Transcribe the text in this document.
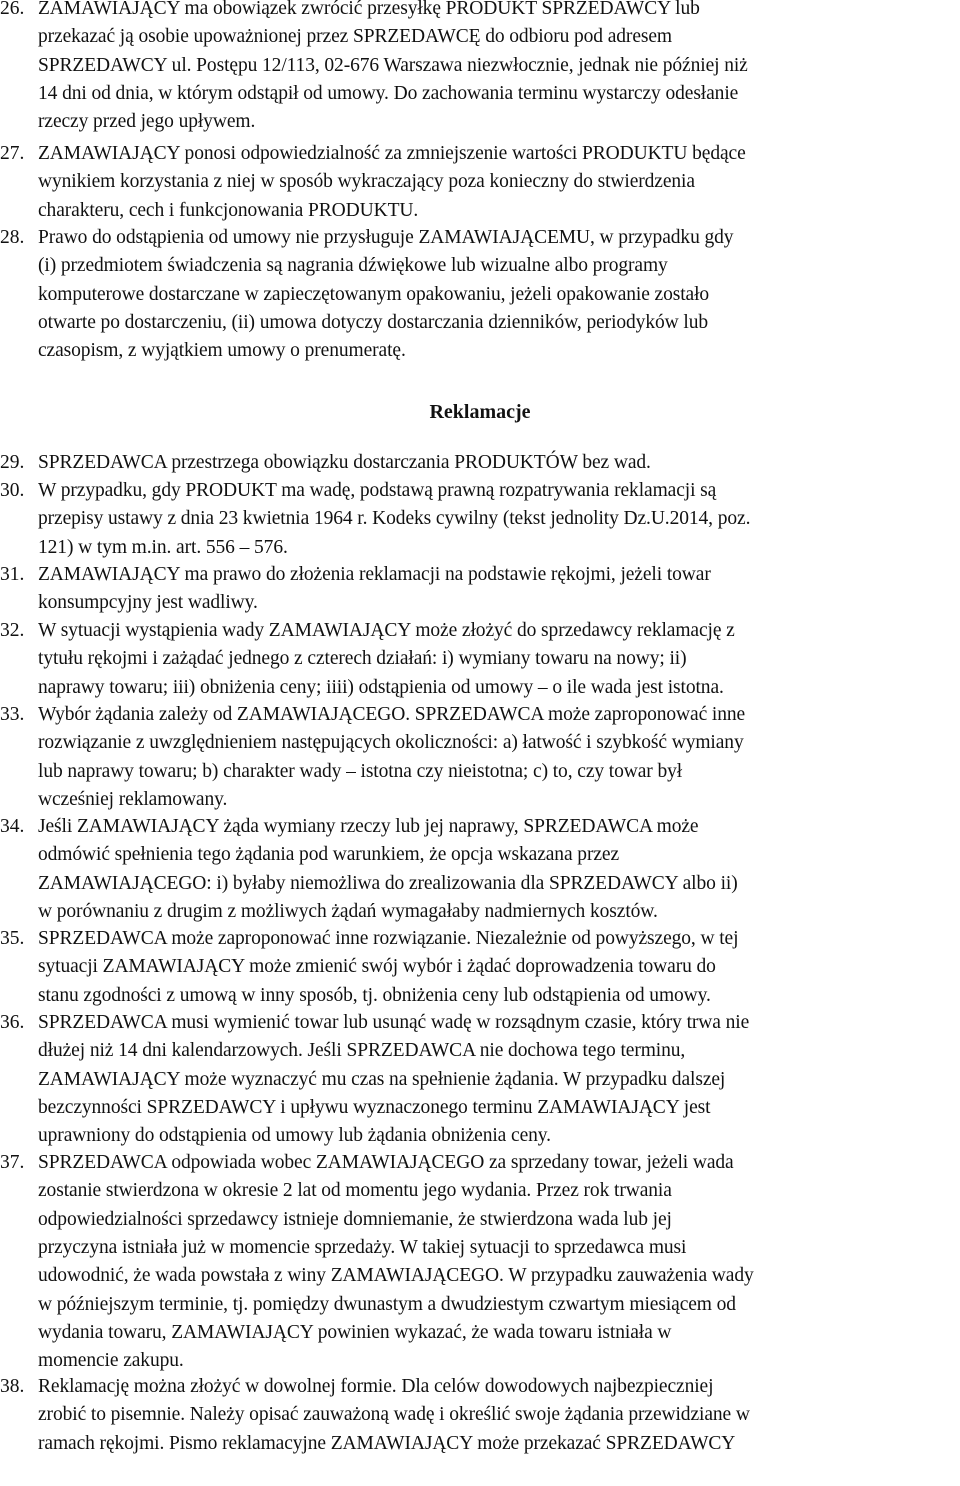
26. ZAMAWIAJĄCY ma obowiązek zwrócić przesyłkę PRODUKT SPRZEDAWCY lub
przekazać ją osobie upoważnionej przez SPRZEDAWCĘ do odbioru pod adresem
SPRZEDAWCY ul. Postępu 12/113, 02-676 Warszawa niezwłocznie, jednak nie później niż
14 dni od dnia, w którym odstąpił od umowy. Do zachowania terminu wystarczy odesłanie
rzeczy przed jego upływem.
27. ZAMAWIAJĄCY ponosi odpowiedzialność za zmniejszenie wartości PRODUKTU będące
wynikiem korzystania z niej w sposób wykraczający poza konieczny do stwierdzenia
charakteru, cech i funkcjonowania PRODUKTU.
28. Prawo do odstąpienia od umowy nie przysługuje ZAMAWIAJĄCEMU, w przypadku gdy
(i) przedmiotem świadczenia są nagrania dźwiękowe lub wizualne albo programy
komputerowe dostarczane w zapieczętowanym opakowaniu, jeżeli opakowanie zostało
otwarte po dostarczeniu, (ii) umowa dotyczy dostarczania dzienników, periodyków lub
czasopism, z wyjątkiem umowy o prenumeratę.
29. SPRZEDAWCA przestrzega obowiązku dostarczania PRODUKTÓW bez wad.
30. W przypadku, gdy PRODUKT ma wadę, podstawą prawną rozpatrywania reklamacji są
przepisy ustawy z dnia 23 kwietnia 1964 r. Kodeks cywilny (tekst jednolity Dz.U.2014, poz.
121) w tym m.in. art. 556 – 576.
31. ZAMAWIAJĄCY ma prawo do złożenia reklamacji na podstawie rękojmi, jeżeli towar
konsumpcyjny jest wadliwy.
32. W sytuacji wystąpienia wady ZAMAWIAJĄCY może złożyć do sprzedawcy reklamację z
tytułu rękojmi i zażądać jednego z czterech działań: i) wymiany towaru na nowy; ii)
naprawy towaru; iii) obniżenia ceny; iiii) odstąpienia od umowy – o ile wada jest istotna.
33. Wybór żądania zależy od ZAMAWIAJĄCEGO. SPRZEDAWCA może zaproponować inne
rozwiązanie z uwzględnieniem następujących okoliczności: a) łatwość i szybkość wymiany
lub naprawy towaru; b) charakter wady – istotna czy nieistotna; c) to, czy towar był
wcześniej reklamowany.
34. Jeśli ZAMAWIAJĄCY żąda wymiany rzeczy lub jej naprawy, SPRZEDAWCA może
odmówić spełnienia tego żądania pod warunkiem, że opcja wskazana przez
ZAMAWIAJĄCEGO: i) byłaby niemożliwa do zrealizowania dla SPRZEDAWCY albo ii)
w porównaniu z drugim z możliwych żądań wymagałaby nadmiernych kosztów.
35. SPRZEDAWCA może zaproponować inne rozwiązanie. Niezależnie od powyższego, w tej
sytuacji ZAMAWIAJĄCY może zmienić swój wybór i żądać doprowadzenia towaru do
stanu zgodności z umową w inny sposób, tj. obniżenia ceny lub odstąpienia od umowy.
36. SPRZEDAWCA musi wymienić towar lub usunąć wadę w rozsądnym czasie, który trwa nie
dłużej niż 14 dni kalendarzowych. Jeśli SPRZEDAWCA nie dochowa tego terminu,
ZAMAWIAJĄCY może wyznaczyć mu czas na spełnienie żądania. W przypadku dalszej
bezczynności SPRZEDAWCY i upływu wyznaczonego terminu ZAMAWIAJĄCY jest
uprawniony do odstąpienia od umowy lub żądania obniżenia ceny.
37. SPRZEDAWCA odpowiada wobec ZAMAWIAJĄCEGO za sprzedany towar, jeżeli wada
zostanie stwierdzona w okresie 2 lat od momentu jego wydania. Przez rok trwania
odpowiedzialności sprzedawcy istnieje domniemanie, że stwierdzona wada lub jej
przyczyna istniała już w momencie sprzedaży. W takiej sytuacji to sprzedawca musi
udowodnić, że wada powstała z winy ZAMAWIAJĄCEGO. W przypadku zauważenia wady
w późniejszym terminie, tj. pomiędzy dwunastym a dwudziestym czwartym miesiącem od
wydania towaru, ZAMAWIAJĄCY powinien wykazać, że wada towaru istniała w
momencie zakupu.
38. Reklamację można złożyć w dowolnej formie. Dla celów dowodowych najbezpieczniej
zrobić to pisemnie. Należy opisać zauważoną wadę i określić swoje żądania przewidziane w
ramach rękojmi. Pismo reklamacyjne ZAMAWIAJĄCY może przekazać SPRZEDAWCY
Reklamacje
